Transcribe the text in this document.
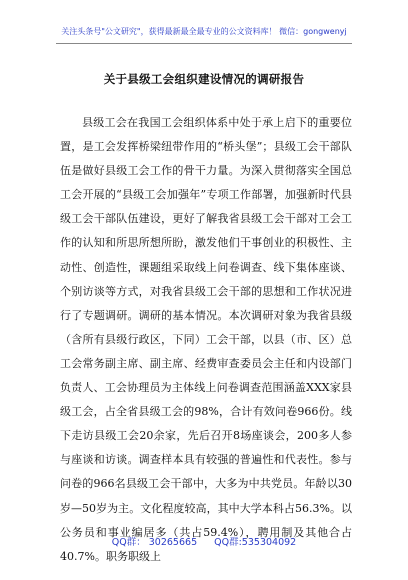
关注头条号"公文研究"，获得最新最全最专业的公文资料库！ 微信：gongwenyj
关于县级工会组织建设情况的调研报告

县级工会在我国工会组织体系中处于承上启下的重要位置，是工会发挥桥梁纽带作用的“桥头堡”；县级工会干部队伍是做好县级工会工作的骨干力量。为深入贯彻落实全国总工会开展的“县级工会加强年”专项工作部署，加强新时代县级工会干部队伍建设，更好了解我省县级工会干部对工会工作的认知和所思所想所盼，激发他们干事创业的积极性、主动性、创造性，课题组采取线上问卷调查、线下集体座谈、个别访谈等方式，对我省县级工会干部的思想和工作状况进行了专题调研。调研的基本情况。本次调研对象为我省县级（含所有县级行政区，下同）工会干部，以县（市、区）总工会常务副主席、副主席、经费审查委员会主任和内设部门负责人、工会协理员为主体线上问卷调查范围涵盖XXX家县级工会，占全省县级工会的98%，合计有效问卷966份。线下走访县级工会20余家，先后召开8场座谈会，200多人参与座谈和访谈。调查样本具有较强的普遍性和代表性。参与问卷的966名县级工会干部中，大多为中共党员。年龄以30岁—50岁为主。文化程度较高，其中大学本科占56.3%。以公务员和事业编居多（共占59.4%），聘用制及其他合占40.7%。职务职级上

QQ群： 30265665 QQ群:535304092
